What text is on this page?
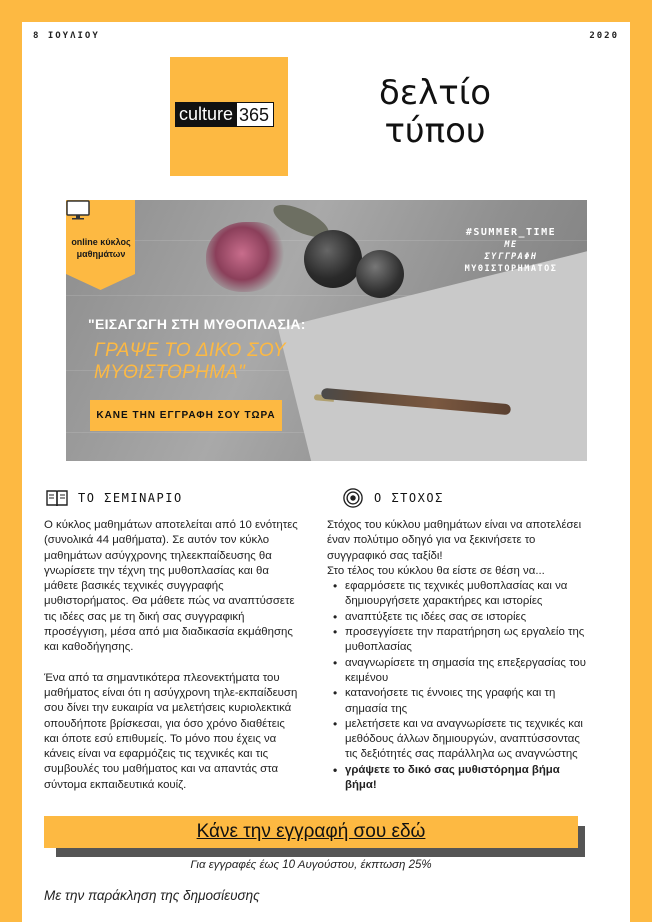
8 ΙΟΥΛΙΟΥ	2020
culture 365
δελτίο
τύπου
online κύκλος
μαθημάτων
#SUMMER_TIME
ΜΕ
ΣΥΓΓΡΑΦΗ
ΜΥΘΙΣΤΟΡΗΜΑΤΟΣ
"ΕΙΣΑΓΩΓΗ ΣΤΗ ΜΥΘΟΠΛΑΣΙΑ:
ΓΡΑΨΕ ΤΟ ΔΙΚΟ ΣΟΥ
ΜΥΘΙΣΤΟΡΗΜΑ"
ΚΑΝΕ ΤΗΝ ΕΓΓΡΑΦΗ ΣΟΥ ΤΩΡΑ
ΤΟ ΣΕΜΙΝΑΡΙΟ	Ο ΣΤΟΧΟΣ

Ο κύκλος μαθημάτων αποτελείται από 10 ενότητες (συνολικά 44 μαθήματα). Σε αυτόν τον κύκλο μαθημάτων ασύγχρονης τηλεεκπαίδευσης θα γνωρίσετε την τέχνη της μυθοπλασίας και θα μάθετε βασικές τεχνικές συγγραφής μυθιστορήματος. Θα μάθετε πώς να αναπτύσσετε τις ιδέες σας με τη δική σας συγγραφική προσέγγιση, μέσα από μια διαδικασία εκμάθησης και καθοδήγησης.

Ένα από τα σημαντικότερα πλεονεκτήματα του μαθήματος είναι ότι η ασύγχρονη τηλε-εκπαίδευση σου δίνει την ευκαιρία να μελετήσεις κυριολεκτικά οπουδήποτε βρίσκεσαι, για όσο χρόνο διαθέτεις και όποτε εσύ επιθυμείς. Το μόνο που έχεις να κάνεις είναι να εφαρμόζεις τις τεχνικές και τις συμβουλές του μαθήματος και να απαντάς στα σύντομα εκπαιδευτικά κουίζ.

Στόχος του κύκλου μαθημάτων είναι να αποτελέσει έναν πολύτιμο οδηγό για να ξεκινήσετε το συγγραφικό σας ταξίδι!

Στο τέλος του κύκλου θα είστε σε θέση να...

• εφαρμόσετε τις τεχνικές μυθοπλασίας και να δημιουργήσετε χαρακτήρες και ιστορίες
• αναπτύξετε τις ιδέες σας σε ιστορίες
• προσεγγίσετε την παρατήρηση ως εργαλείο της μυθοπλασίας
• αναγνωρίσετε τη σημασία της επεξεργασίας του κειμένου
• κατανοήσετε τις έννοιες της γραφής και τη σημασία της
• μελετήσετε και να αναγνωρίσετε τις τεχνικές και μεθόδους άλλων δημιουργών, αναπτύσσοντας τις δεξιότητές σας παράλληλα ως αναγνώστης
• γράψετε το δικό σας μυθιστόρημα βήμα βήμα!
Κάνε την εγγραφή σου εδώ
Για εγγραφές έως 10 Αυγούστου, έκπτωση 25%
Με την παράκληση της δημοσίευσης
